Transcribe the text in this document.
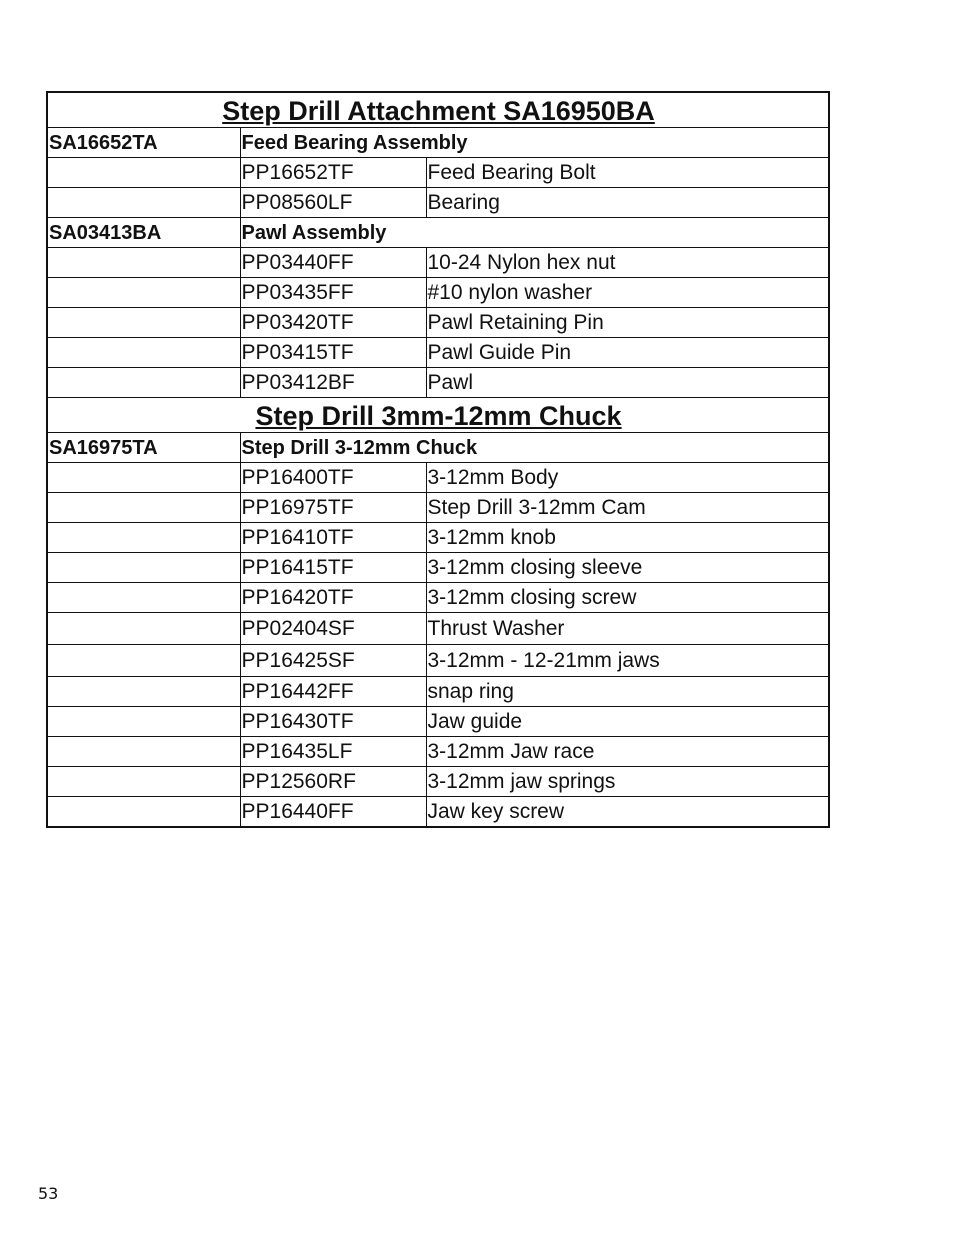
Step Drill Attachment SA16950BA		
SA16652TA	Feed Bearing Assembly	
	PP16652TF	Feed Bearing Bolt
	PP08560LF	Bearing
SA03413BA	Pawl Assembly	
	PP03440FF	10-24 Nylon hex nut
	PP03435FF	#10 nylon washer
	PP03420TF	Pawl Retaining Pin
	PP03415TF	Pawl Guide Pin
	PP03412BF	Pawl
Step Drill 3mm-12mm Chuck		
SA16975TA	Step Drill 3-12mm Chuck	
	PP16400TF	3-12mm Body
	PP16975TF	Step Drill 3-12mm Cam
	PP16410TF	3-12mm knob
	PP16415TF	3-12mm closing sleeve
	PP16420TF	3-12mm closing screw
	PP02404SF	Thrust Washer
	PP16425SF	3-12mm - 12-21mm jaws
	PP16442FF	snap ring
	PP16430TF	Jaw guide
	PP16435LF	3-12mm Jaw race
	PP12560RF	3-12mm jaw springs
	PP16440FF	Jaw key screw
53
